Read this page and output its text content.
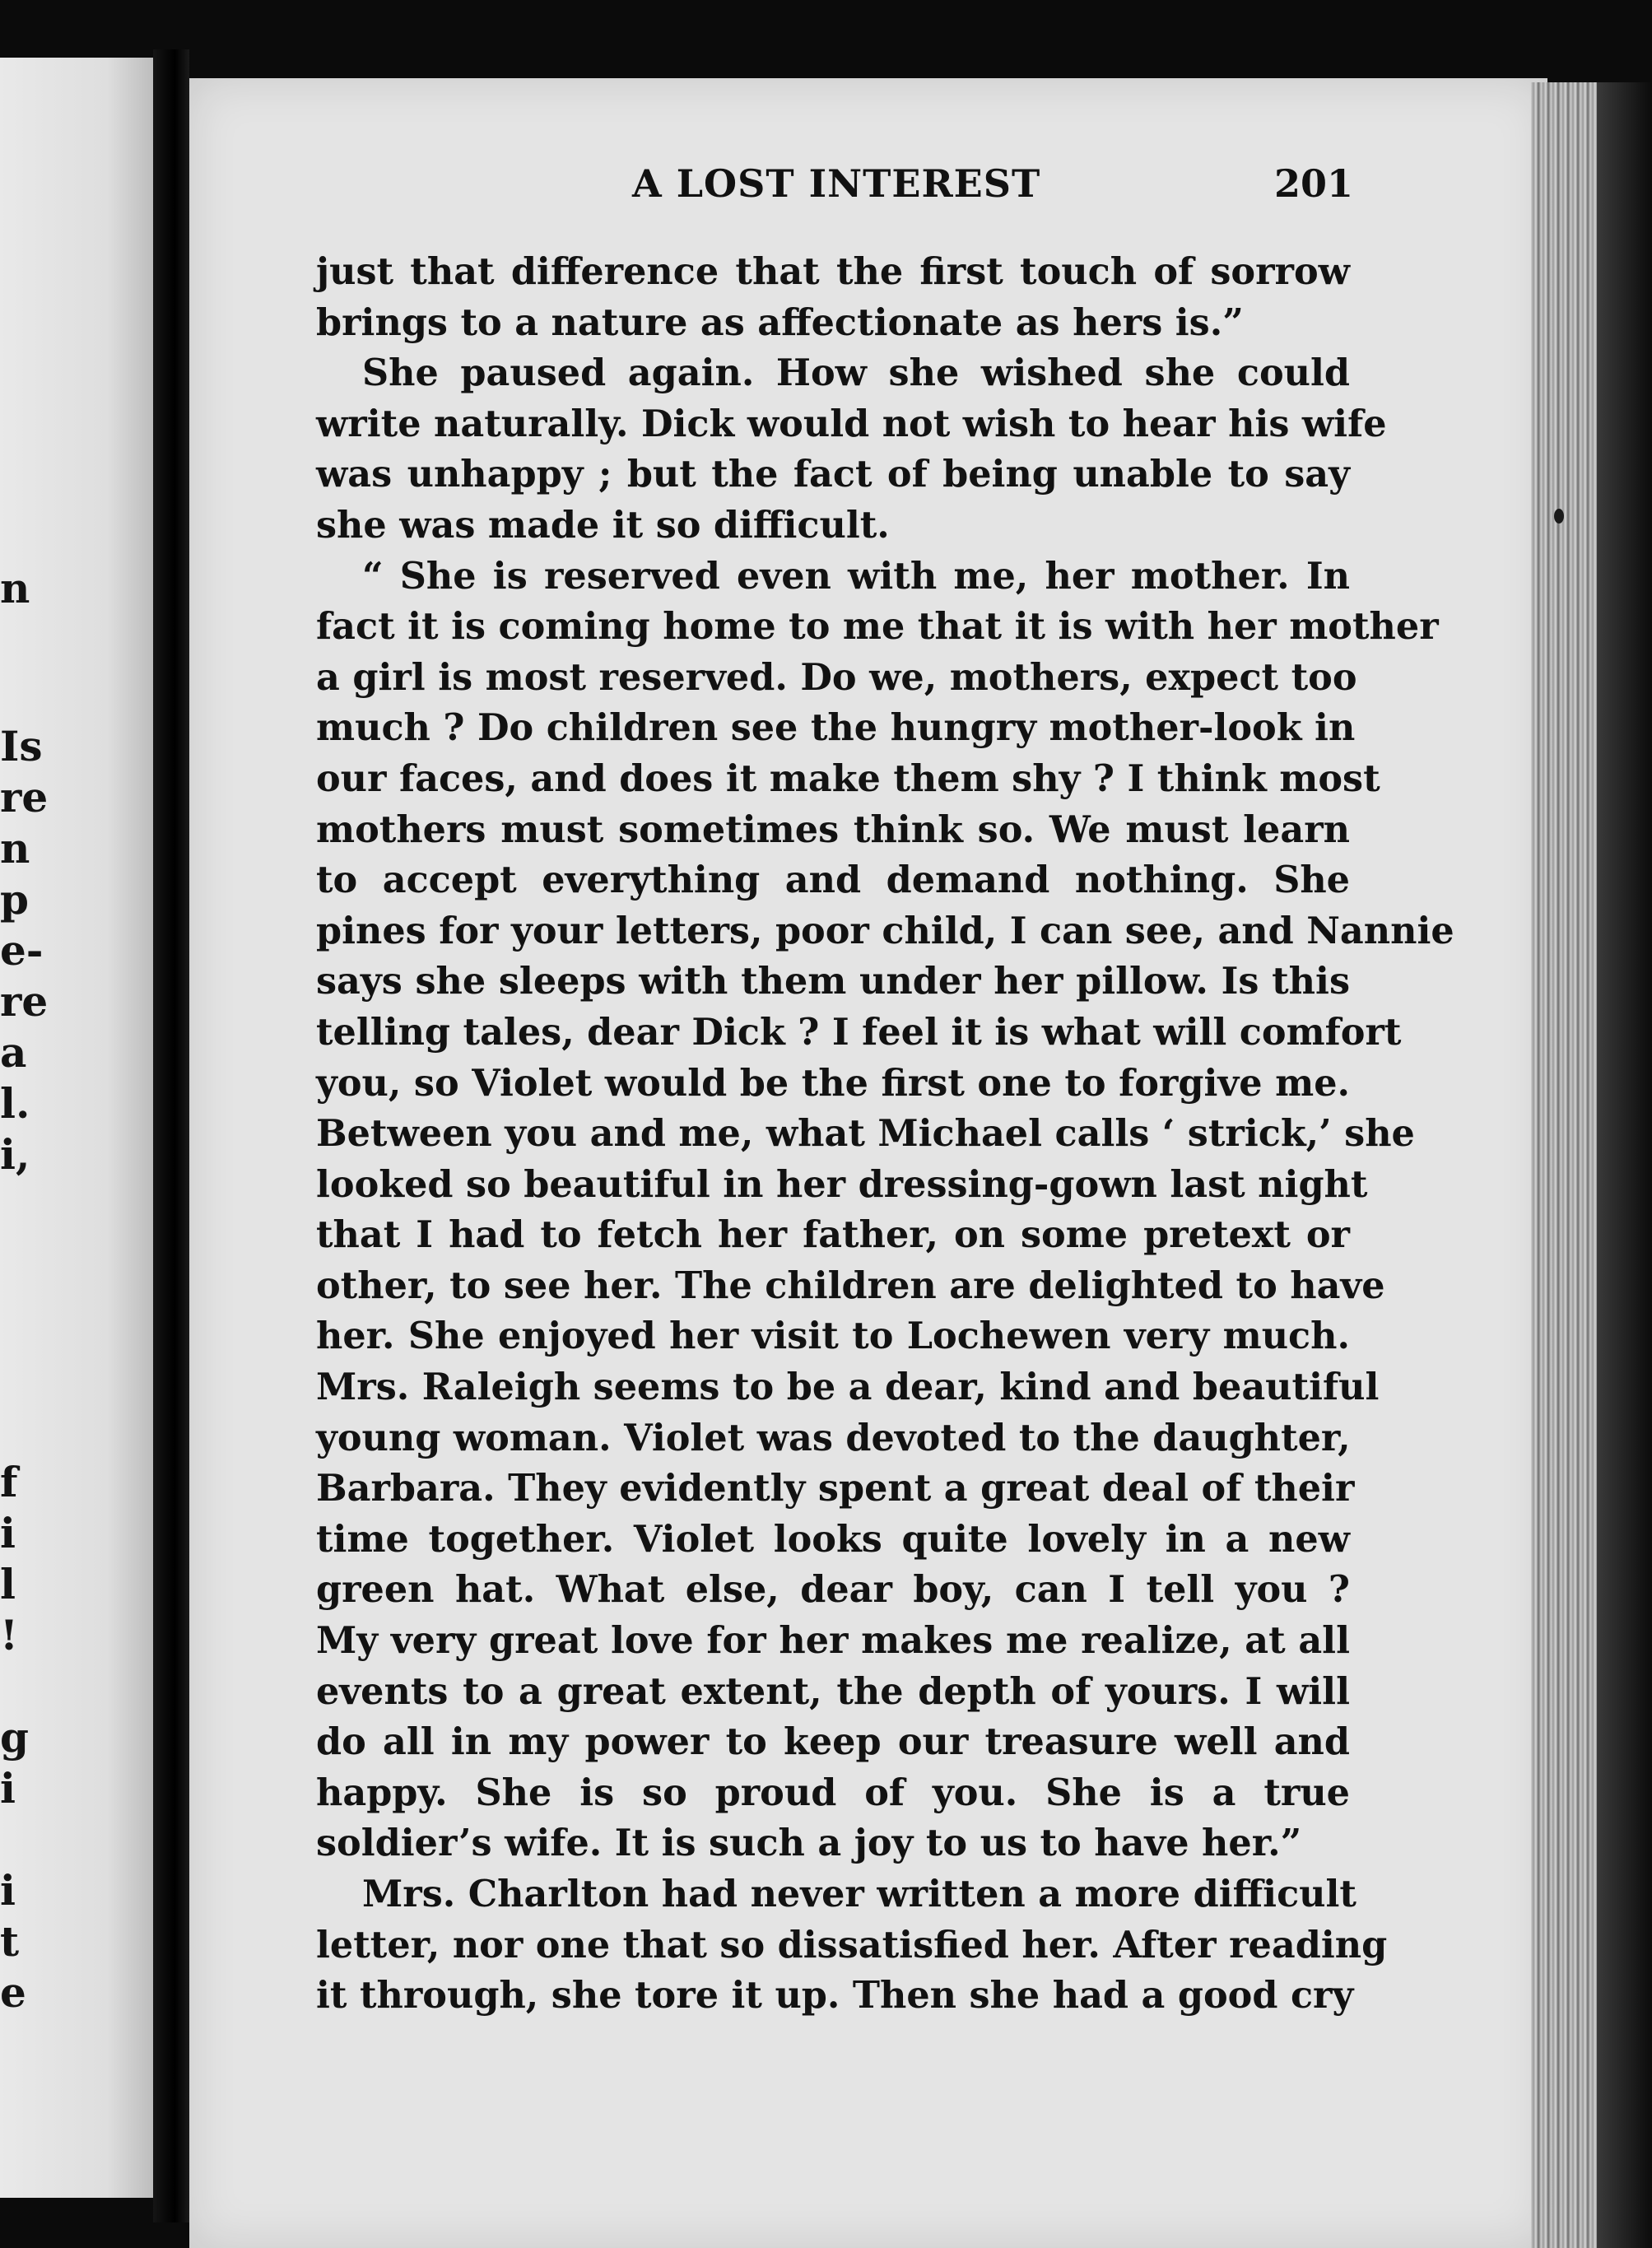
n
Is
re
n
p
e-
re
a
l.
i,
f
i
l
!
g
i
i
t
e
A LOST INTEREST	201
just that difference that the first touch of sorrow
brings to a nature as affectionate as hers is.”
She paused again. How she wished she could
write naturally. Dick would not wish to hear his wife
was unhappy ; but the fact of being unable to say
she was made it so difficult.
“ She is reserved even with me, her mother. In
fact it is coming home to me that it is with her mother
a girl is most reserved. Do we, mothers, expect too
much ? Do children see the hungry mother-look in
our faces, and does it make them shy ? I think most
mothers must sometimes think so. We must learn
to accept everything and demand nothing. She
pines for your letters, poor child, I can see, and Nannie
says she sleeps with them under her pillow. Is this
telling tales, dear Dick ? I feel it is what will comfort
you, so Violet would be the first one to forgive me.
Between you and me, what Michael calls ‘ strick,’ she
looked so beautiful in her dressing-gown last night
that I had to fetch her father, on some pretext or
other, to see her. The children are delighted to have
her. She enjoyed her visit to Lochewen very much.
Mrs. Raleigh seems to be a dear, kind and beautiful
young woman. Violet was devoted to the daughter,
Barbara. They evidently spent a great deal of their
time together. Violet looks quite lovely in a new
green hat. What else, dear boy, can I tell you ?
My very great love for her makes me realize, at all
events to a great extent, the depth of yours. I will
do all in my power to keep our treasure well and
happy. She is so proud of you. She is a true
soldier’s wife. It is such a joy to us to have her.”
Mrs. Charlton had never written a more difficult
letter, nor one that so dissatisfied her. After reading
it through, she tore it up. Then she had a good cry
